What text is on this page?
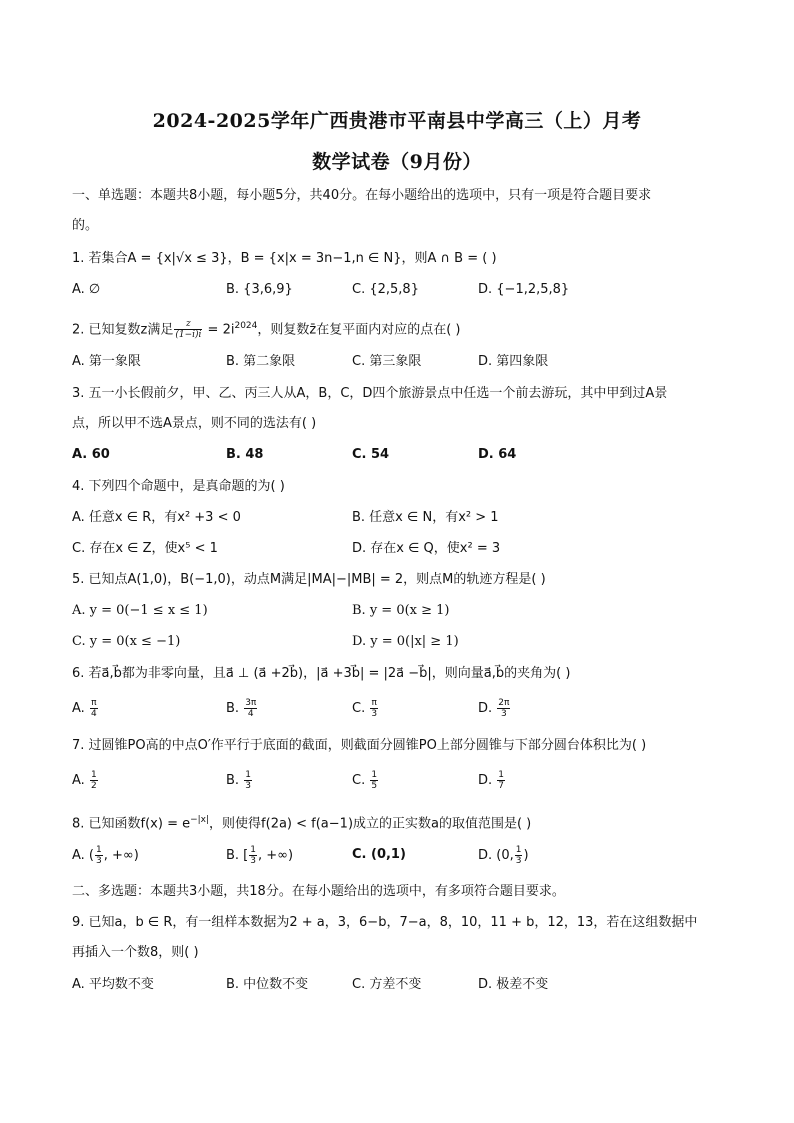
2024-2025学年广西贵港市平南县中学高三（上）月考
数学试卷（9月份）
一、单选题：本题共8小题，每小题5分，共40分。在每小题给出的选项中，只有一项是符合题目要求
的。
1. 若集合A = {x|√x ≤ 3}，B = {x|x = 3n−1,n ∈ N}，则A ∩ B = ( )
A. ∅	B. {3,6,9}	C. {2,5,8}	D. {−1,2,5,8}
2. 已知复数z满足 $\frac{z}{(1-i)i} = 2i^{2024}$，则复数z̄在复平面内对应的点在( )
A. 第一象限	B. 第二象限	C. 第三象限	D. 第四象限
3. 五一小长假前夕，甲、乙、丙三人从A，B，C，D四个旅游景点中任选一个前去游玩，其中甲到过A景
点，所以甲不选A景点，则不同的选法有( )
A. 60	B. 48	C. 54	D. 64
4. 下列四个命题中，是真命题的为( )
A. 任意x ∈ R，有x² +3 < 0	B. 任意x ∈ N，有x² > 1
C. 存在x ∈ Z，使x⁵ < 1	D. 存在x ∈ Q，使x² = 3
5. 已知点A(1,0)，B(−1,0)，动点M满足|MA|−|MB| = 2，则点M的轨迹方程是( )
A. y = 0(−1 ≤ x ≤ 1)	B. y = 0(x ≥ 1)
C. y = 0(x ≤ −1)	D. y = 0(|x| ≥ 1)
6. 若a⃗,b⃗都为非零向量，且a⃗ ⊥ (a⃗ +2b⃗)，|a⃗ +3b⃗| = |2a⃗ −b⃗|，则向量a⃗,b⃗的夹角为( )
A. $\frac{\pi}{4}$	B. $\frac{3\pi}{4}$	C. $\frac{\pi}{3}$	D. $\frac{2\pi}{3}$
7. 过圆锥PO高的中点O′作平行于底面的截面，则截面分圆锥PO上部分圆锥与下部分圆台体积比为( )
A. $\frac{1}{2}$	B. $\frac{1}{3}$	C. $\frac{1}{5}$	D. $\frac{1}{7}$
8. 已知函数$f(x) = e^{-|x|}$，则使得f(2a) < f(a−1)成立的正实数a的取值范围是( )
A. ( $\frac{1}{3}$ , +∞)	B. [ $\frac{1}{3}$ , +∞)	C. (0,1)	D. (0, $\frac{1}{3}$ )
二、多选题：本题共3小题，共18分。在每小题给出的选项中，有多项符合题目要求。
9. 已知a，b ∈ R，有一组样本数据为2 + a，3，6−b，7−a，8，10，11 + b，12，13，若在这组数据中
再插入一个数8，则( )
A. 平均数不变	B. 中位数不变	C. 方差不变	D. 极差不变
